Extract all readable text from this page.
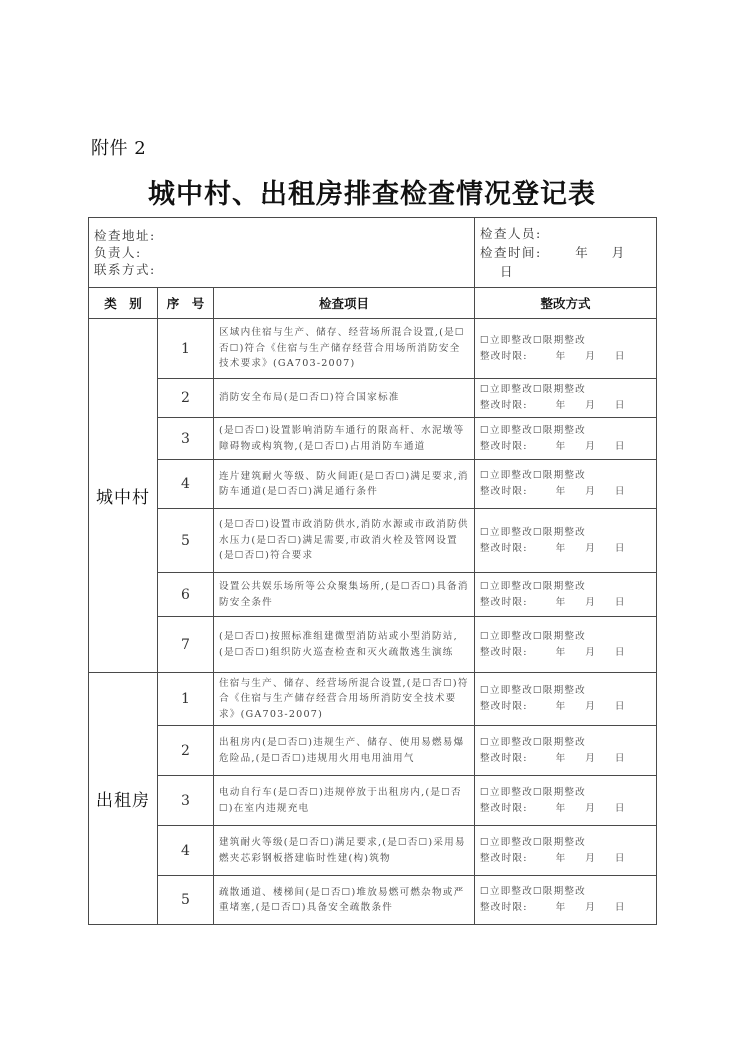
附件 2
城中村、出租房排查检查情况登记表
检查地址:
负责人:
联系方式:

检查人员:
检查时间:	年 月 日

类　别	序　号	检查项目	整改方式
城中村	1	区域内住宿与生产、储存、经营场所混合设置,(是☐否☐)符合《住宿与生产储存经营合用场所消防安全技术要求》(GA703-2007)	☐立即整改☐限期整改
整改时限: 年 月 日

	2	消防安全布局(是☐否☐)符合国家标准	☐立即整改☐限期整改
整改时限: 年 月 日

	3	(是☐否☐)设置影响消防车通行的限高杆、水泥墩等障碍物或构筑物,(是☐否☐)占用消防车通道	☐立即整改☐限期整改
整改时限: 年 月 日

	4	连片建筑耐火等级、防火间距(是☐否☐)满足要求,消防车通道(是☐否☐)满足通行条件	☐立即整改☐限期整改
整改时限: 年 月 日

	5	(是☐否☐)设置市政消防供水,消防水源或市政消防供水压力(是☐否☐)满足需要,市政消火栓及管网设置(是☐否☐)符合要求	☐立即整改☐限期整改
整改时限: 年 月 日

	6	设置公共娱乐场所等公众聚集场所,(是☐否☐)具备消防安全条件	☐立即整改☐限期整改
整改时限: 年 月 日

	7	(是☐否☐)按照标准组建微型消防站或小型消防站,(是☐否☐)组织防火巡查检查和灭火疏散逃生演练	☐立即整改☐限期整改
整改时限: 年 月 日

出租房	1	住宿与生产、储存、经营场所混合设置,(是☐否☐)符合《住宿与生产储存经营合用场所消防安全技术要求》(GA703-2007)	☐立即整改☐限期整改
整改时限: 年 月 日

	2	出租房内(是☐否☐)违规生产、储存、使用易燃易爆危险品,(是☐否☐)违规用火用电用油用气	☐立即整改☐限期整改
整改时限: 年 月 日

	3	电动自行车(是☐否☐)违规停放于出租房内,(是☐否☐)在室内违规充电	☐立即整改☐限期整改
整改时限: 年 月 日

	4	建筑耐火等级(是☐否☐)满足要求,(是☐否☐)采用易燃夹芯彩钢板搭建临时性建(构)筑物	☐立即整改☐限期整改
整改时限: 年 月 日

	5	疏散通道、楼梯间(是☐否☐)堆放易燃可燃杂物或严重堵塞,(是☐否☐)具备安全疏散条件	☐立即整改☐限期整改
整改时限: 年 月 日
